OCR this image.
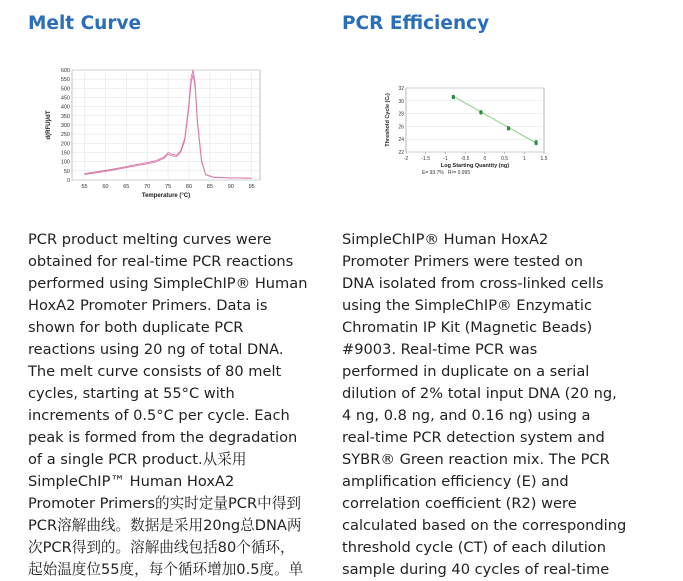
Melt Curve	PCR Efficiency
55	60	65	70	75	80	85	90	95
0
50
100
150
200
250
300
350
400
450
500
550
600
Temperature (°C)
d(RFU)/dT
22
24
26
28
30
32
-2	-1.5	-1	-0.5	0	0.5	1	1.5
Log Starting Quantity (ng)
Threshold Cycle (Cₜ)
E= 93.7% R²= 0.995
PCR product melting curves were
obtained for real-time PCR reactions
performed using SimpleChIP® Human
HoxA2 Promoter Primers. Data is
shown for both duplicate PCR
reactions using 20 ng of total DNA.
The melt curve consists of 80 melt
cycles, starting at 55°C with
increments of 0.5°C per cycle. Each
peak is formed from the degradation
of a single PCR product.从采用
SimpleChIP™ Human HoxA2
Promoter Primers的实时定量PCR中得到
PCR溶解曲线。数据是采用20ng总DNA两
次PCR得到的。溶解曲线包括80个循环，
起始温度位55度，每个循环增加0.5度。单
SimpleChIP® Human HoxA2
Promoter Primers were tested on
DNA isolated from cross-linked cells
using the SimpleChIP® Enzymatic
Chromatin IP Kit (Magnetic Beads)
#9003. Real-time PCR was
performed in duplicate on a serial
dilution of 2% total input DNA (20 ng,
4 ng, 0.8 ng, and 0.16 ng) using a
real-time PCR detection system and
SYBR® Green reaction mix. The PCR
amplification efficiency (E) and
correlation coefficient (R2) were
calculated based on the corresponding
threshold cycle (CT) of each dilution
sample during 40 cycles of real-time
